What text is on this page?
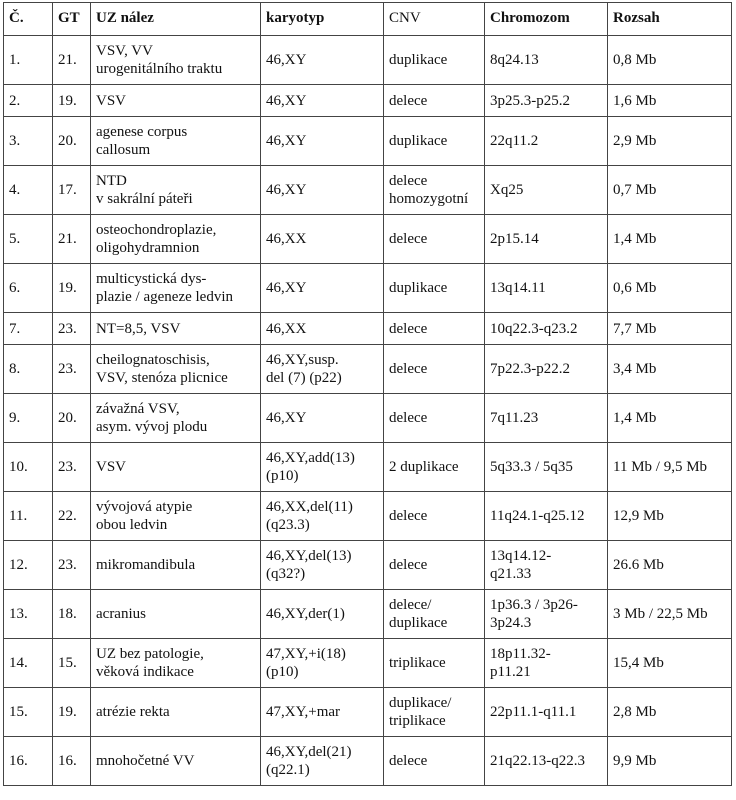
Č.	GT	UZ nález	karyotyp	CNV	Chromozom	Rozsah
1.	21.	VSV, VV
urogenitálního traktu	46,XY	duplikace	8q24.13	0,8 Mb
2.	19.	VSV	46,XY	delece	3p25.3-p25.2	1,6 Mb
3.	20.	agenese corpus
callosum	46,XY	duplikace	22q11.2	2,9 Mb
4.	17.	NTD
v sakrální páteři	46,XY	delece
homozygotní	Xq25	0,7 Mb
5.	21.	osteochondroplazie,
oligohydramnion	46,XX	delece	2p15.14	1,4 Mb
6.	19.	multicystická dys-
plazie / ageneze ledvin	46,XY	duplikace	13q14.11	0,6 Mb
7.	23.	NT=8,5, VSV	46,XX	delece	10q22.3-q23.2	7,7 Mb
8.	23.	cheilognatoschisis,
VSV, stenóza plicnice	46,XY,susp.
del (7) (p22)	delece	7p22.3-p22.2	3,4 Mb
9.	20.	závažná VSV,
asym. vývoj plodu	46,XY	delece	7q11.23	1,4 Mb
10.	23.	VSV	46,XY,add(13)
(p10)	2 duplikace	5q33.3 / 5q35	11 Mb / 9,5 Mb
11.	22.	vývojová atypie
obou ledvin	46,XX,del(11)
(q23.3)	delece	11q24.1-q25.12	12,9 Mb
12.	23.	mikromandibula	46,XY,del(13)
(q32?)	delece	13q14.12-
q21.33	26.6 Mb
13.	18.	acranius	46,XY,der(1)	delece/
duplikace	1p36.3 / 3p26-
3p24.3	3 Mb / 22,5 Mb
14.	15.	UZ bez patologie,
věková indikace	47,XY,+i(18)
(p10)	triplikace	18p11.32-
p11.21	15,4 Mb
15.	19.	atrézie rekta	47,XY,+mar	duplikace/
triplikace	22p11.1-q11.1	2,8 Mb
16.	16.	mnohočetné VV	46,XY,del(21)
(q22.1)	delece	21q22.13-q22.3	9,9 Mb
